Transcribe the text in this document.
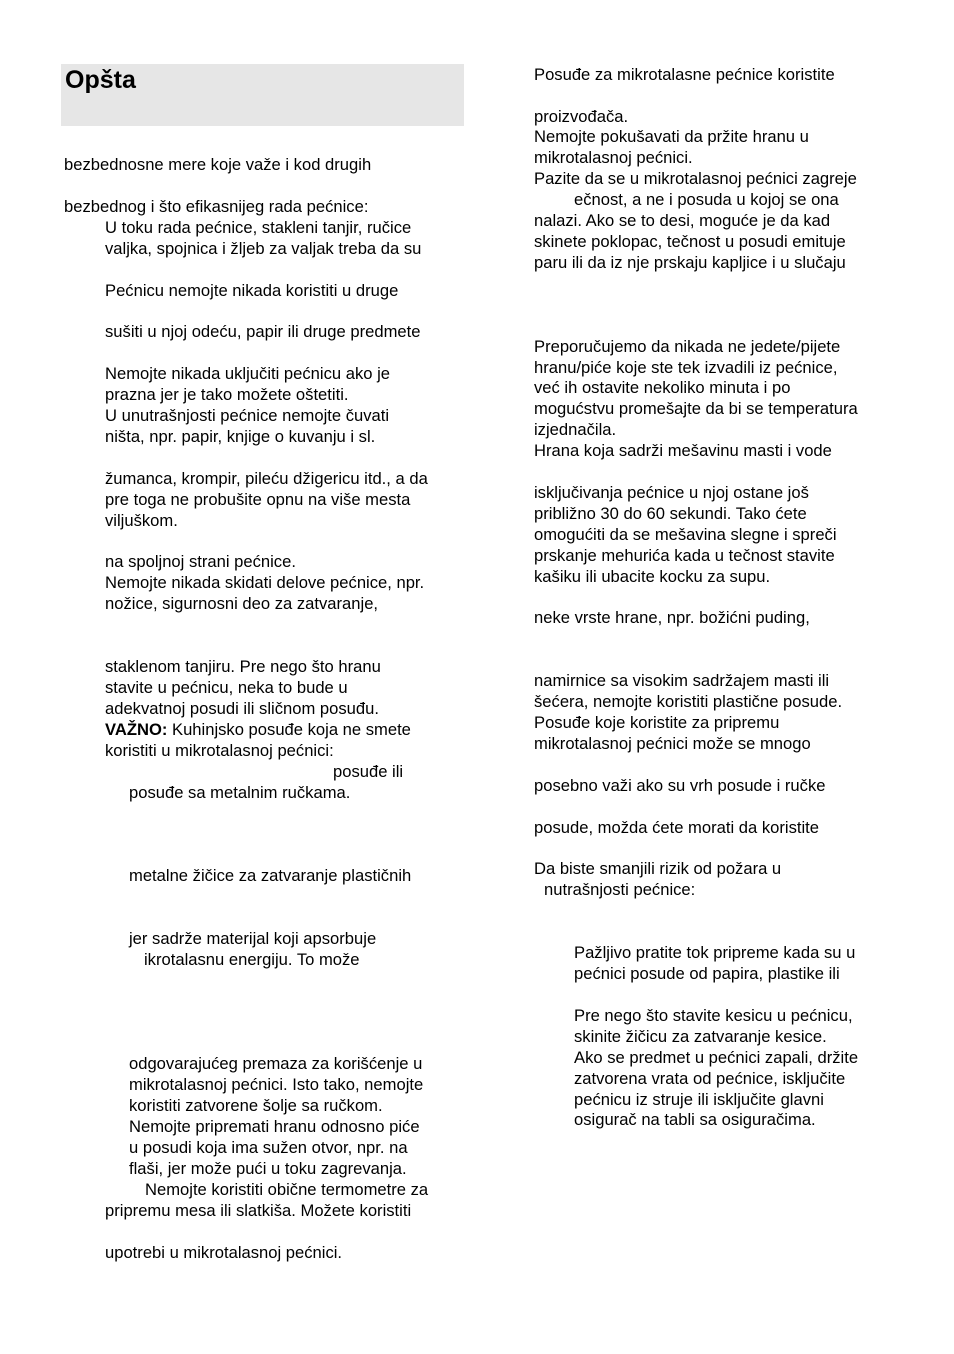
Opšta
bezbednosne mere koje važe i kod drugih
bezbednog i što efikasnijeg rada pećnice:
U toku rada pećnice, stakleni tanjir, ručice
valjka, spojnica i žljeb za valjak treba da su
Pećnicu nemojte nikada koristiti u druge
sušiti u njoj odeću, papir ili druge predmete
Nemojte nikada uključiti pećnicu ako je
prazna jer je tako možete oštetiti.
U unutrašnjosti pećnice nemojte čuvati
ništa, npr. papir, knjige o kuvanju i sl.
žumanca, krompir, pileću džigericu itd., a da
pre toga ne probušite opnu na više mesta
viljuškom.
na spoljnoj strani pećnice.
Nemojte nikada skidati delove pećnice, npr.
nožice, sigurnosni deo za zatvaranje,
staklenom tanjiru. Pre nego što hranu
stavite u pećnicu, neka to bude u
adekvatnoj posudi ili sličnom posuđu.
VAŽNO: Kuhinjsko posuđe koja ne smete
koristiti u mikrotalasnoj pećnici:
posuđe ili
posuđe sa metalnim ručkama.
metalne žičice za zatvaranje plastičnih
jer sadrže materijal koji apsorbuje
ikrotalasnu energiju. To može
odgovarajućeg premaza za korišćenje u
mikrotalasnoj pećnici. Isto tako, nemojte
koristiti zatvorene šolje sa ručkom.
Nemojte pripremati hranu odnosno piće
u posudi koja ima sužen otvor, npr. na
flaši, jer može pući u toku zagrevanja.
Nemojte koristiti obične termometre za
pripremu mesa ili slatkiša. Možete koristiti
upotrebi u mikrotalasnoj pećnici.
Posuđe za mikrotalasne pećnice koristite
proizvođača.
Nemojte pokušavati da pržite hranu u
mikrotalasnoj pećnici.
Pazite da se u mikrotalasnoj pećnici zagreje
ečnost, a ne i posuda u kojoj se ona
nalazi. Ako se to desi, moguće je da kad
skinete poklopac, tečnost u posudi emituje
paru ili da iz nje prskaju kapljice i u slučaju
Preporučujemo da nikada ne jedete/pijete
hranu/piće koje ste tek izvadili iz pećnice,
već ih ostavite nekoliko minuta i po
mogućstvu promešajte da bi se temperatura
izjednačila.
Hrana koja sadrži mešavinu masti i vode
isključivanja pećnice u njoj ostane još
približno 30 do 60 sekundi. Tako ćete
omogućiti da se mešavina slegne i spreči
prskanje mehurića kada u tečnost stavite
kašiku ili ubacite kocku za supu.
neke vrste hrane, npr. božićni puding,
namirnice sa visokim sadržajem masti ili
šećera, nemojte koristiti plastične posude.
Posuđe koje koristite za pripremu
mikrotalasnoj pećnici može se mnogo
posebno važi ako su vrh posude i ručke
posude, možda ćete morati da koristite
Da biste smanjili rizik od požara u
nutrašnjosti pećnice:
Pažljivo pratite tok pripreme kada su u
pećnici posude od papira, plastike ili
Pre nego što stavite kesicu u pećnicu,
skinite žičicu za zatvaranje kesice.
Ako se predmet u pećnici zapali, držite
zatvorena vrata od pećnice, isključite
pećnicu iz struje ili isključite glavni
osigurač na tabli sa osiguračima.
